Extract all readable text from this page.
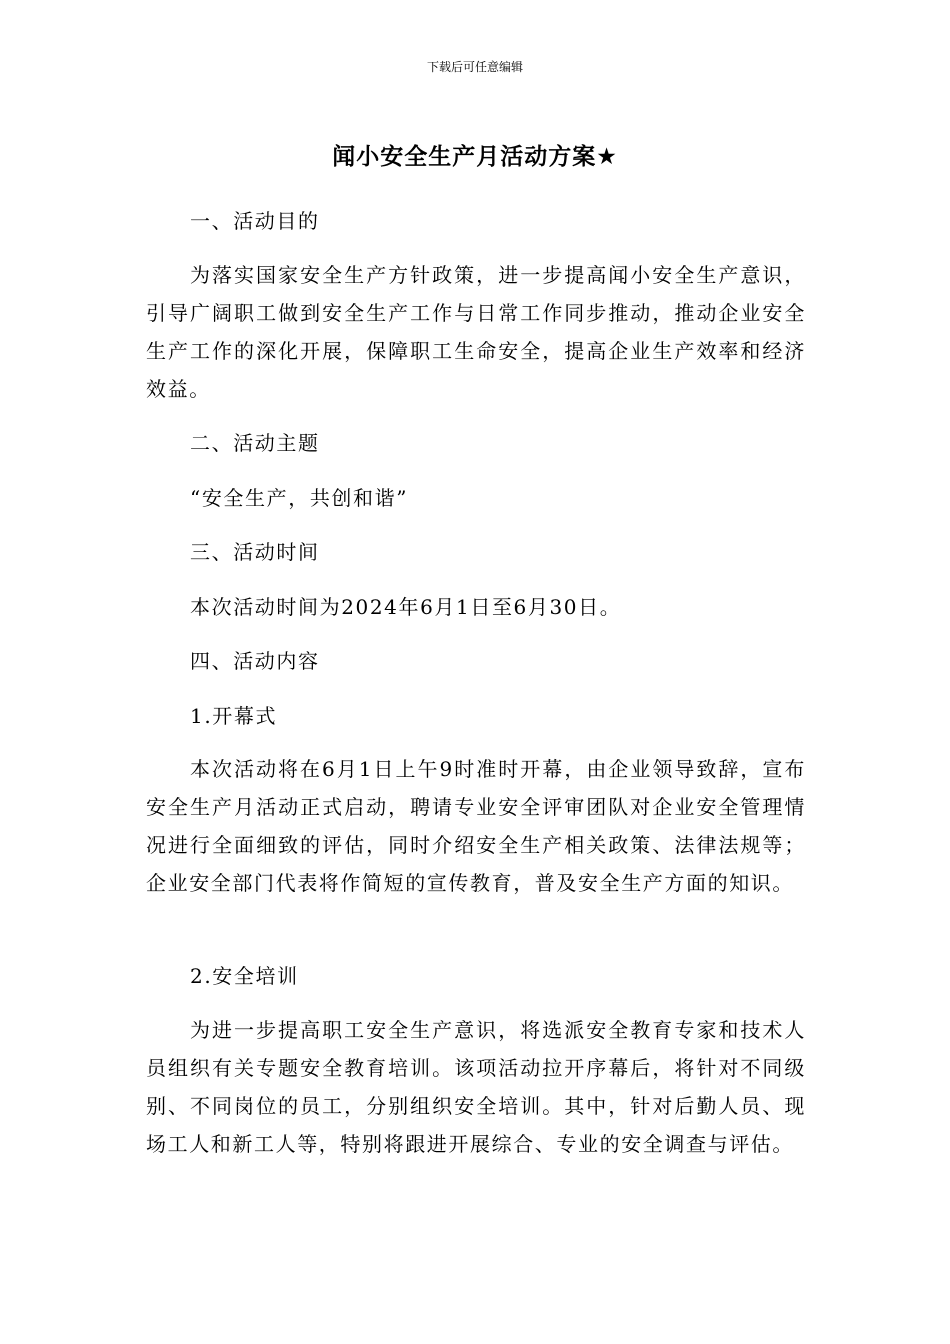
下载后可任意编辑
闻小安全生产月活动方案★
一、活动目的
为落实国家安全生产方针政策，进一步提高闻小安全生产意识，引导广阔职工做到安全生产工作与日常工作同步推动，推动企业安全生产工作的深化开展，保障职工生命安全，提高企业生产效率和经济效益。
二、活动主题
“安全生产，共创和谐”
三、活动时间
本次活动时间为2024年6月1日至6月30日。
四、活动内容
1.开幕式
本次活动将在6月1日上午9时准时开幕，由企业领导致辞，宣布安全生产月活动正式启动，聘请专业安全评审团队对企业安全管理情况进行全面细致的评估，同时介绍安全生产相关政策、法律法规等；企业安全部门代表将作简短的宣传教育，普及安全生产方面的知识。
2.安全培训
为进一步提高职工安全生产意识，将选派安全教育专家和技术人员组织有关专题安全教育培训。该项活动拉开序幕后，将针对不同级别、不同岗位的员工，分别组织安全培训。其中，针对后勤人员、现场工人和新工人等，特别将跟进开展综合、专业的安全调查与评估。
